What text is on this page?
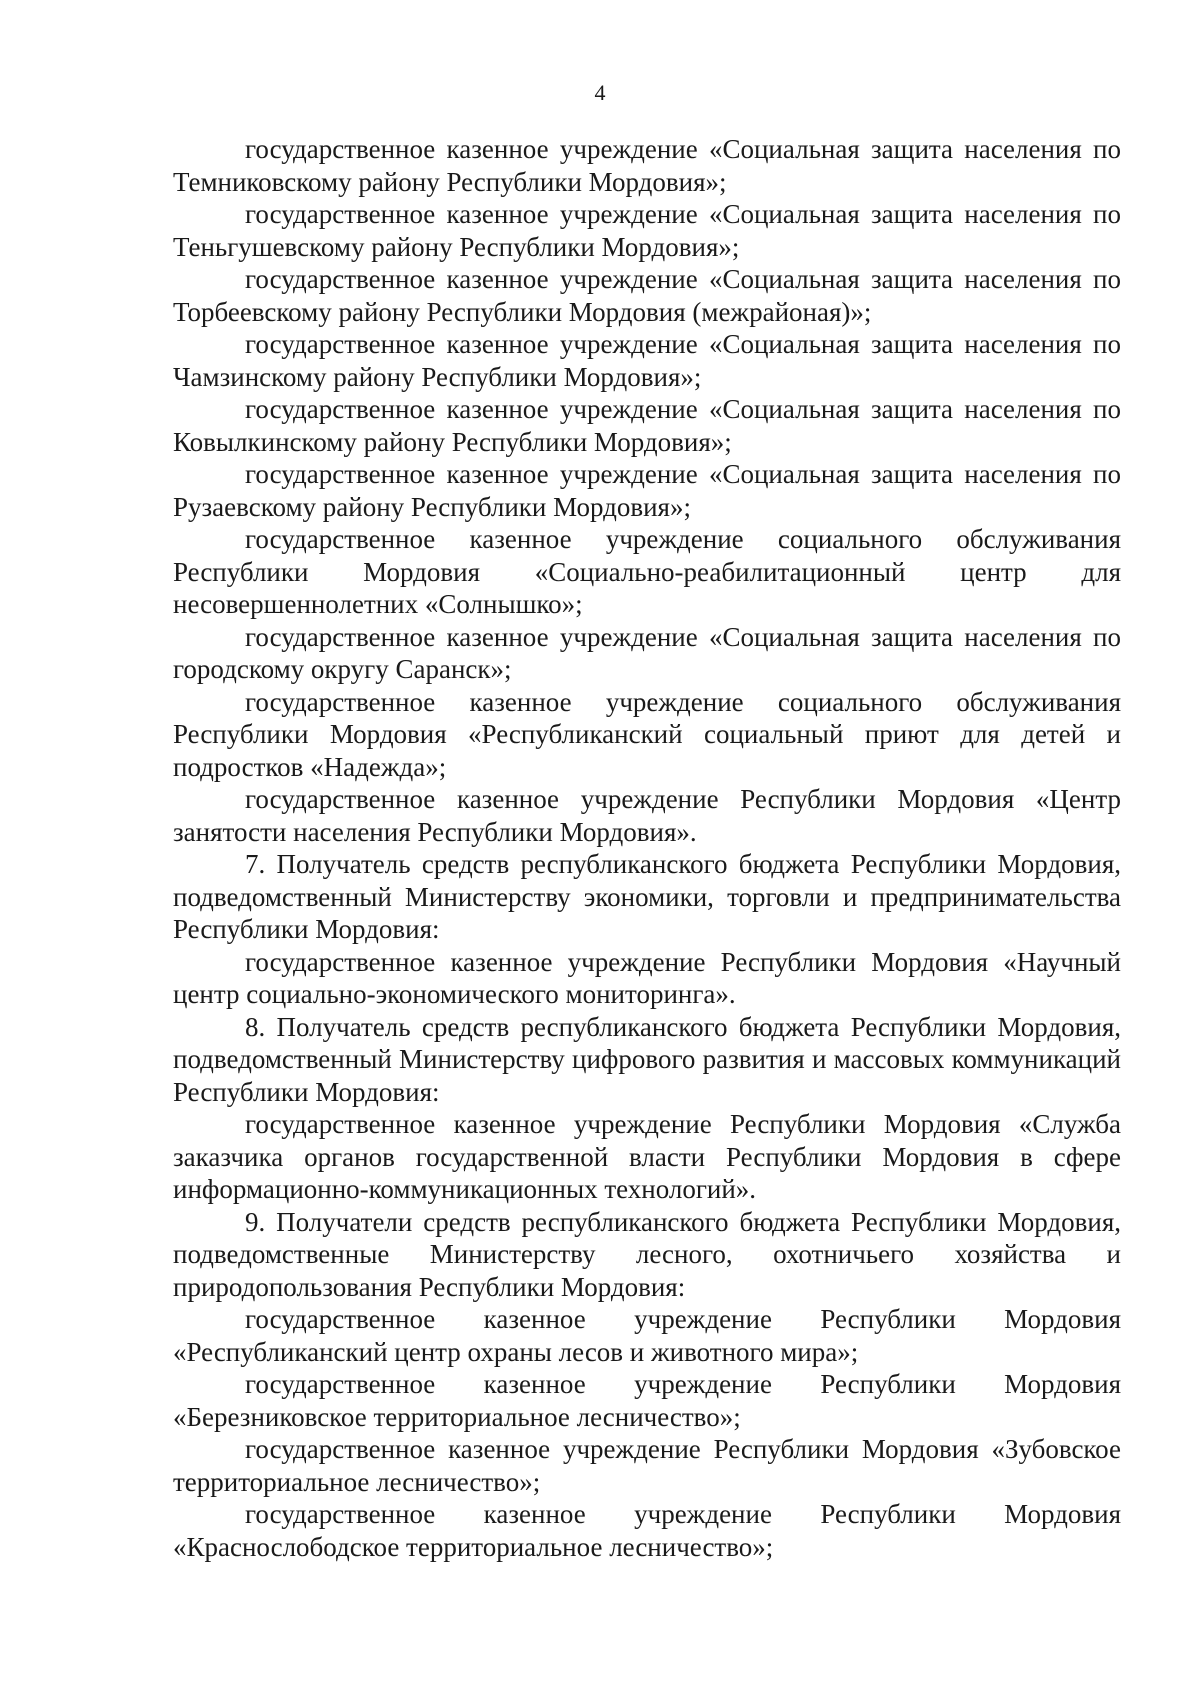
4

государственное казенное учреждение «Социальная защита населения по Темниковскому району Республики Мордовия»;

государственное казенное учреждение «Социальная защита населения по Теньгушевскому району Республики Мордовия»;

государственное казенное учреждение «Социальная защита населения по Торбеевскому району Республики Мордовия (межрайоная)»;

государственное казенное учреждение «Социальная защита населения по Чамзинскому району Республики Мордовия»;

государственное казенное учреждение «Социальная защита населения по Ковылкинскому району Республики Мордовия»;

государственное казенное учреждение «Социальная защита населения по Рузаевскому району Республики Мордовия»;

государственное казенное учреждение социального обслуживания Республики Мордовия «Социально-реабилитационный центр для несовершеннолетних «Солнышко»;

государственное казенное учреждение «Социальная защита населения по городскому округу Саранск»;

государственное казенное учреждение социального обслуживания Республики Мордовия «Республиканский социальный приют для детей и подростков «Надежда»;

государственное казенное учреждение Республики Мордовия «Центр занятости населения Республики Мордовия».

7. Получатель средств республиканского бюджета Республики Мордовия, подведомственный Министерству экономики, торговли и предпринимательства Республики Мордовия:

государственное казенное учреждение Республики Мордовия «Научный центр социально-экономического мониторинга».

8. Получатель средств республиканского бюджета Республики Мордовия, подведомственный Министерству цифрового развития и массовых коммуникаций Республики Мордовия:

государственное казенное учреждение Республики Мордовия «Служба заказчика органов государственной власти Республики Мордовия в сфере информационно-коммуникационных технологий».

9. Получатели средств республиканского бюджета Республики Мордовия, подведомственные Министерству лесного, охотничьего хозяйства и природопользования Республики Мордовия:

государственное казенное учреждение Республики Мордовия «Республиканский центр охраны лесов и животного мира»;

государственное казенное учреждение Республики Мордовия «Березниковское территориальное лесничество»;

государственное казенное учреждение Республики Мордовия «Зубовское территориальное лесничество»;

государственное казенное учреждение Республики Мордовия «Краснослободское территориальное лесничество»;
